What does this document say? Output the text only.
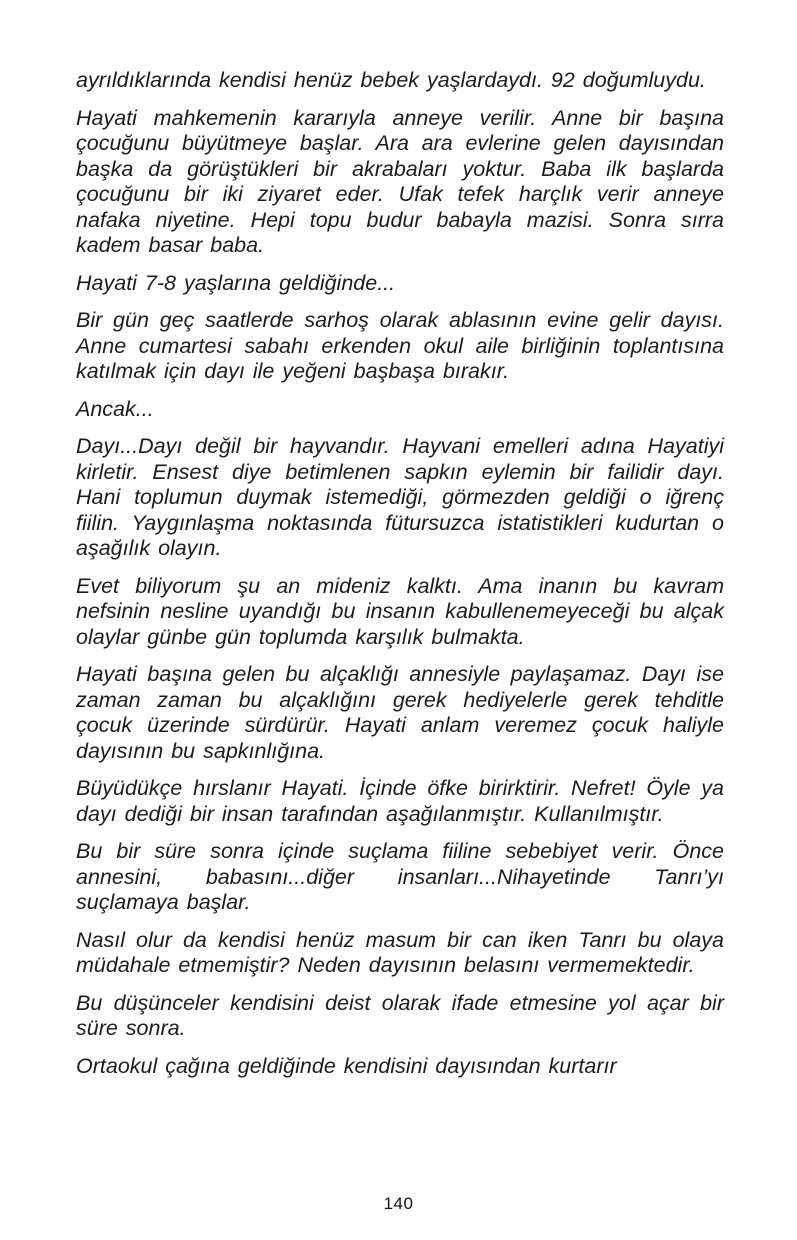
ayrıldıklarında kendisi henüz bebek yaşlardaydı. 92 doğumluydu.

Hayati mahkemenin kararıyla anneye verilir. Anne bir başına çocuğunu büyütmeye başlar. Ara ara evlerine gelen dayısından başka da görüştükleri bir akrabaları yoktur. Baba ilk başlarda çocuğunu bir iki ziyaret eder. Ufak tefek harçlık verir anneye nafaka niyetine. Hepi topu budur babayla mazisi. Sonra sırra kadem basar baba.

Hayati 7-8 yaşlarına geldiğinde...

Bir gün geç saatlerde sarhoş olarak ablasının evine gelir dayısı. Anne cumartesi sabahı erkenden okul aile birliğinin toplantısına katılmak için dayı ile yeğeni başbaşa bırakır.

Ancak...

Dayı...Dayı değil bir hayvandır. Hayvani emelleri adına Hayatiyi kirletir. Ensest diye betimlenen sapkın eylemin bir failidir dayı. Hani toplumun duymak istemediği, görmezden geldiği o iğrenç fiilin. Yaygınlaşma noktasında fütursuzca istatistikleri kudurtan o aşağılık olayın.

Evet biliyorum şu an mideniz kalktı. Ama inanın bu kavram nefsinin nesline uyandığı bu insanın kabullenemeyeceği bu alçak olaylar günbe gün toplumda karşılık bulmakta.

Hayati başına gelen bu alçaklığı annesiyle paylaşamaz. Dayı ise zaman zaman bu alçaklığını gerek hediyelerle gerek tehditle çocuk üzerinde sürdürür. Hayati anlam veremez çocuk haliyle dayısının bu sapkınlığına.

Büyüdükçe hırslanır Hayati. İçinde öfke birirktirir. Nefret! Öyle ya dayı dediği bir insan tarafından aşağılanmıştır. Kullanılmıştır.

Bu bir süre sonra içinde suçlama fiiline sebebiyet verir. Önce annesini, babasını...diğer insanları...Nihayetinde Tanrı’yı suçlamaya başlar.

Nasıl olur da kendisi henüz masum bir can iken Tanrı bu olaya müdahale etmemiştir? Neden dayısının belasını vermemektedir.

Bu düşünceler kendisini deist olarak ifade etmesine yol açar bir süre sonra.

Ortaokul çağına geldiğinde kendisini dayısından kurtarır

140
